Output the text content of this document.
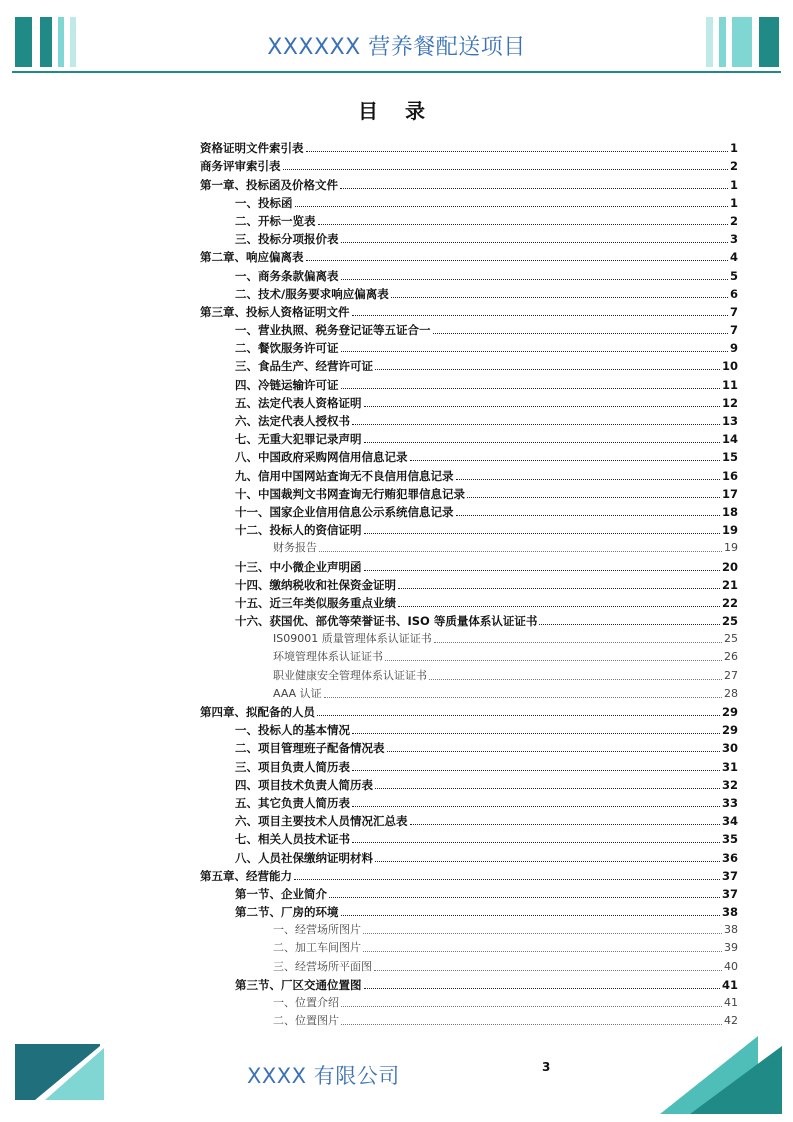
XXXXXX 营养餐配送项目
目 录
资格证明文件索引表	1
商务评审索引表	2
第一章、投标函及价格文件	1
一、投标函	1
二、开标一览表	2
三、投标分项报价表	3
第二章、响应偏离表	4
一、商务条款偏离表	5
二、技术/服务要求响应偏离表	6
第三章、投标人资格证明文件	7
一、营业执照、税务登记证等五证合一	7
二、餐饮服务许可证	9
三、食品生产、经营许可证	10
四、冷链运输许可证	11
五、法定代表人资格证明	12
六、法定代表人授权书	13
七、无重大犯罪记录声明	14
八、中国政府采购网信用信息记录	15
九、信用中国网站查询无不良信用信息记录	16
十、中国裁判文书网查询无行贿犯罪信息记录	17
十一、国家企业信用信息公示系统信息记录	18
十二、投标人的资信证明	19
财务报告	19
十三、中小微企业声明函	20
十四、缴纳税收和社保资金证明	21
十五、近三年类似服务重点业绩	22
十六、获国优、部优等荣誉证书、ISO 等质量体系认证证书	25
IS09001 质量管理体系认证证书	25
环境管理体系认证证书	26
职业健康安全管理体系认证证书	27
AAA 认证	28
第四章、拟配备的人员	29
一、投标人的基本情况	29
二、项目管理班子配备情况表	30
三、项目负责人简历表	31
四、项目技术负责人简历表	32
五、其它负责人简历表	33
六、项目主要技术人员情况汇总表	34
七、相关人员技术证书	35
八、人员社保缴纳证明材料	36
第五章、经营能力	37
第一节、企业简介	37
第二节、厂房的环境	38
一、经营场所图片	38
二、加工车间图片	39
三、经营场所平面图	40
第三节、厂区交通位置图	41
一、位置介绍	41
二、位置图片	42
XXXX 有限公司	3
